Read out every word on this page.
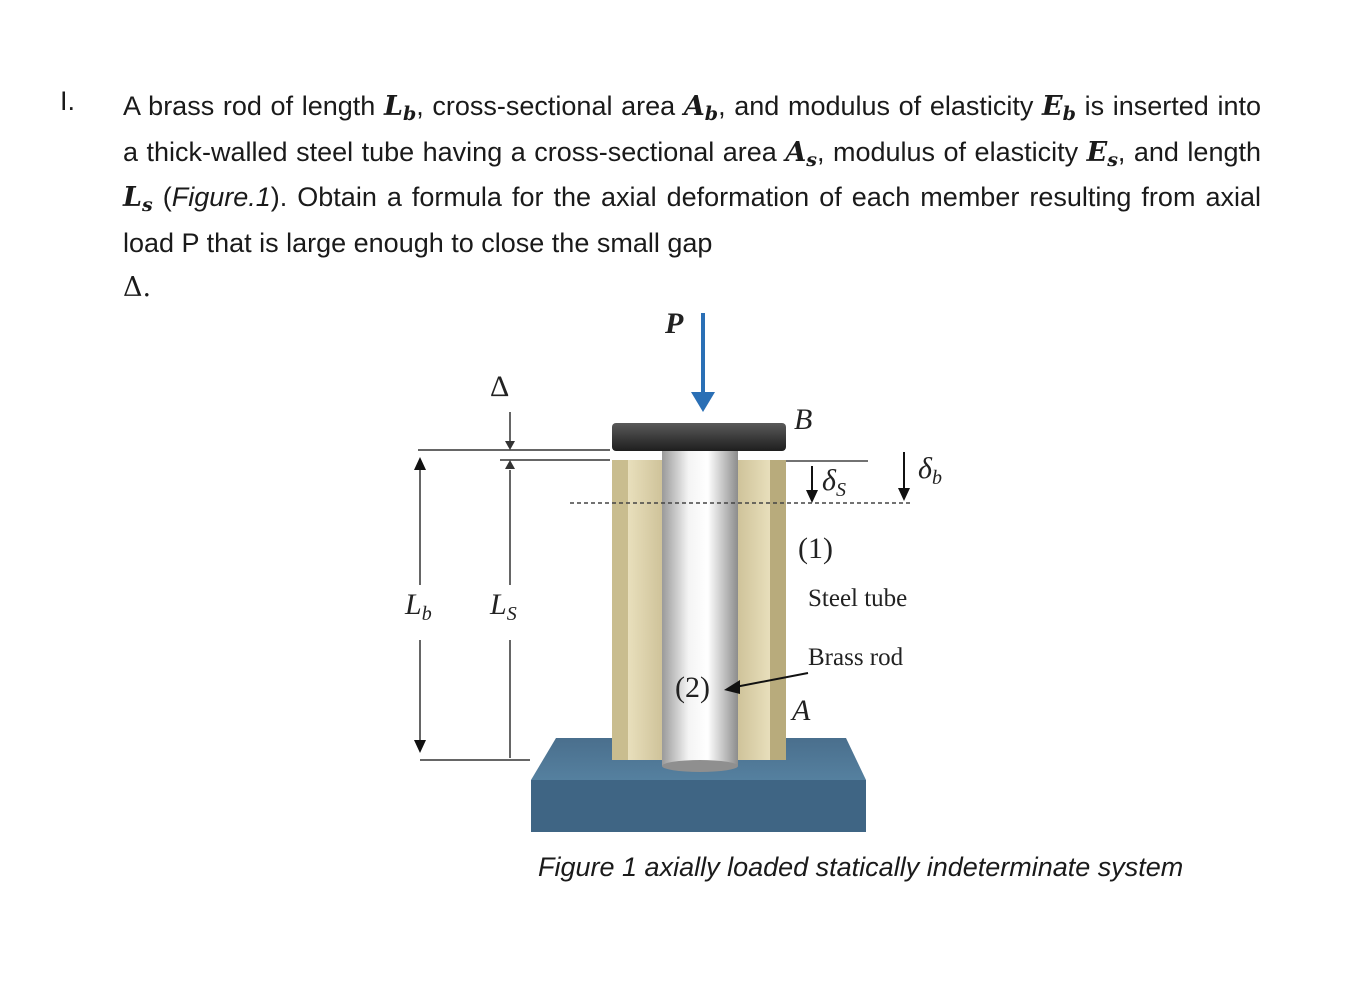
I. A brass rod of length $L_b$, cross-sectional area $A_b$, and modulus of elasticity $E_b$ is inserted into a thick-walled steel tube having a cross-sectional area $A_s$, modulus of elasticity $E_s$, and length $L_s$ (Figure.1). Obtain a formula for the axial deformation of each member resulting from axial load P that is large enough to close the small gap
Δ.
P
Δ
B
A
$\delta_S$
$\delta_b$
(1)
Steel tube
Brass rod
(2)
$L_b$ $L_S$
Figure 1 axially loaded statically indeterminate system
